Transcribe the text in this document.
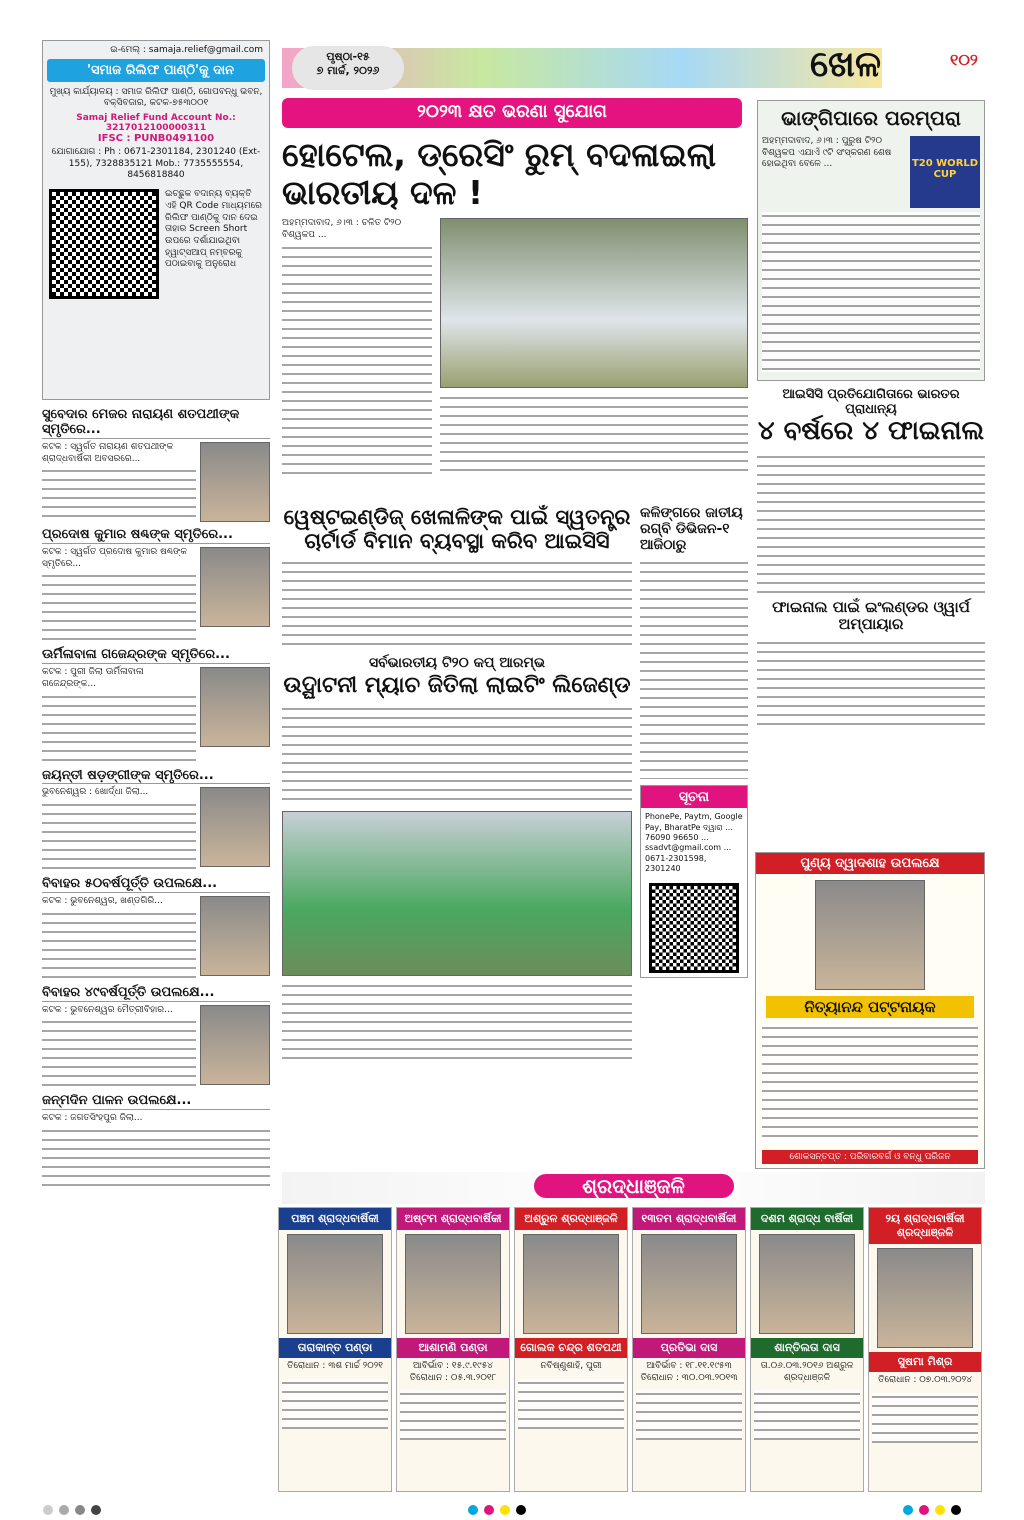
ଇ-ମେଲ୍ : samaja.relief@gmail.com
'ସମାଜ ରିଲିଫ ପାଣ୍ଠି'କୁ ଦାନ
ମୁଖ୍ୟ କାର୍ଯ୍ୟାଳୟ : ସମାଜ ରିଲିଫ ପାଣ୍ଠି, ଗୋପବନ୍ଧୁ ଭବନ, ବକ୍ସିବଜାର, କଟକ-୭୫୩୦୦୧
Samaj Relief Fund Account No.: 3217012100000311
IFSC : PUNB0491100
ଯୋଗାଯୋଗ : Ph : 0671-2301184, 2301240 (Ext-155), 7328835121 Mob.: 7735555554, 8456818840
ଇଚ୍ଛୁକ ବଦାନ୍ୟ ବ୍ୟକ୍ତି ଏହି QR Code ମାଧ୍ୟମରେ ରିଲିଫ ପାଣ୍ଠିକୁ ଦାନ ଦେଇ ତାହାର Screen Short ଉପରେ ଦର୍ଶାଯାଇଥିବା ହ୍ୱାଟ୍ସଆପ୍ ନମ୍ବରକୁ ପଠାଇବାକୁ ଅନୁରୋଧ
ସୁବେଦାର ମେଜର ନାରାୟଣ ଶତପଥୀଙ୍କ ସ୍ମୃତିରେ...
କଟକ : ସ୍ୱର୍ଗତ ନାରାୟଣ ଶତପଥୀଙ୍କ ଶ୍ରାଦ୍ଧବାର୍ଷିକୀ ଅବସରରେ...
ପ୍ରଦୋଷ କୁମାର ଷଣ୍ଢଙ୍କ ସ୍ମୃତିରେ...
କଟକ : ସ୍ୱର୍ଗତ ପ୍ରଦୋଷ କୁମାର ଷଣ୍ଢଙ୍କ ସ୍ମୃତିରେ...
ଊର୍ମିଳାବାଳା ଗଜେନ୍ଦ୍ରଙ୍କ ସ୍ମୃତିରେ...
କଟକ : ପୁରୀ ଜିଲା ଊର୍ମିଳାବାଳା ଗଜେନ୍ଦ୍ରଙ୍କ...
ଜୟନ୍ତୀ ଷଡ଼ଙ୍ଗୀଙ୍କ ସ୍ମୃତିରେ...
ଭୁବନେଶ୍ୱର : ଖୋର୍ଦ୍ଧା ଜିଲା...
ବିବାହର ୫୦ବର୍ଷପୂର୍ତ୍ତି ଉପଲକ୍ଷେ...
କଟକ : ଭୁବନେଶ୍ୱର, ଖଣ୍ଡଗିରି...
ବିବାହର ୪୯ବର୍ଷପୂର୍ତ୍ତି ଉପଲକ୍ଷେ...
କଟକ : ଭୁବନେଶ୍ୱର ମୈତ୍ରୀବିହାର...
ଜନ୍ମଦିନ ପାଳନ ଉପଲକ୍ଷେ...
କଟକ : ଜଗତସିଂହପୁର ଜିଲା...
ପୃଷ୍ଠା-୧୫
୭ ମାର୍ଚ୍ଚ, ୨୦୨୬	ଖେଳ	୧୦୨
୨୦୨୩ କ୍ଷତ ଭରଣା ସୁଯୋଗ
ହୋଟେଲ, ଡ୍ରେସିଂ ରୁମ୍ ବଦଳାଇଲା ଭାରତୀୟ ଦଳ !
ଅହମ୍ମଦାବାଦ, ୬।୩ : ଚଳିତ ଟି୨୦ ବିଶ୍ୱକପ ...
ୱେଷ୍ଟଇଣ୍ଡିଜ୍ ଖେଳାଳିଙ୍କ ପାଇଁ ସ୍ୱତନ୍ତ୍ର ଚାର୍ଟାର୍ଡ ବିମାନ ବ୍ୟବସ୍ଥା କରିବ ଆଇସିସି
ସର୍ବଭାରତୀୟ ଟି୨୦ କପ୍ ଆରମ୍ଭ
ଉଦ୍ଘାଟନୀ ମ୍ୟାଚ ଜିତିଲା ଲାଇଟିଂ ଲିଜେଣ୍ଡ
କଳିଙ୍ଗରେ ଜାତୀୟ ରଗ୍‌ବି ଡିଭିଜନ-୧ ଆଜିଠାରୁ
ସୂଚନା
PhonePe, Paytm, Google Pay, BharatPe ଦ୍ୱାରା ... 76090 96650 ... ssadvt@gmail.com ... 0671-2301598, 2301240
ଭାଙ୍ଗିପାରେ ପରମ୍ପରା
ଅହମ୍ମଦାବାଦ, ୬।୩ : ପୁରୁଷ ଟି୨୦ ବିଶ୍ୱକପ ଏଯାଏଁ ୯ଟି ସଂସ୍କରଣ ଶେଷ ହୋଇଥିବା ବେଳେ ...	T20 WORLD CUP
ଆଇସିସି ପ୍ରତିଯୋଗିତାରେ ଭାରତର ପ୍ରାଧାନ୍ୟ
୪ ବର୍ଷରେ ୪ ଫାଇନାଲ
ଫାଇନାଲ ପାଇଁ ଇଂଲଣ୍ଡର ଓ୍ୱାର୍ପ ଅମ୍ପାୟାର
ପୁଣ୍ୟ ଦ୍ୱାଦଶାହ ଉପଲକ୍ଷେ
ନିତ୍ୟାନନ୍ଦ ପଟ୍ଟନାୟକ
ଶୋକସନ୍ତପ୍ତ : ପରିବାରବର୍ଗ ଓ ବନ୍ଧୁ ପରିଜନ
ଶ୍ରଦ୍ଧାଞ୍ଜଳି
ପଞ୍ଚମ ଶ୍ରାଦ୍ଧବାର୍ଷିକୀ
ତାରାକାନ୍ତ ପଣ୍ଡା
ତିରୋଧାନ : ୩ଶ ମାର୍ଚ୍ଚ ୨୦୨୧
ଅଷ୍ଟମ ଶ୍ରାଦ୍ଧବାର୍ଷିକୀ
ଆଶାମଣି ପଣ୍ଡା
ଆବିର୍ଭାବ : ୧୫.୯.୧୯୫୪ ତିରୋଧାନ : ୦୫.୩.୨୦୧୮
ଅଶ୍ରୁଳ ଶ୍ରଦ୍ଧାଞ୍ଜଳି
ଗୋଲକ ଚନ୍ଦ୍ର ଶତପଥୀ
ନବିଷ୍ଣୁଶାହି, ପୁରୀ
୧୩ତମ ଶ୍ରାଦ୍ଧବାର୍ଷିକୀ
ପ୍ରତିଭା ଦାସ
ଆବିର୍ଭାବ : ୧୮.୧୧.୧୯୫୩ ତିରୋଧାନ : ୩୦.୦୩.୨୦୧୩
ଦଶମ ଶ୍ରାଦ୍ଧ ବାର୍ଷିକୀ
ଶାନ୍ତିଲତା ଦାସ
ତା.୦୬.୦୩.୨୦୧୬ ଅଶ୍ରୁଳ ଶ୍ରଦ୍ଧାଞ୍ଜଳି
୨ୟ ଶ୍ରାଦ୍ଧବାର୍ଷିକୀ ଶ୍ରଦ୍ଧାଞ୍ଜଳି
ସୁଷମା ମିଶ୍ର
ତିରୋଧାନ : ୦୭.୦୩.୨୦୨୪
